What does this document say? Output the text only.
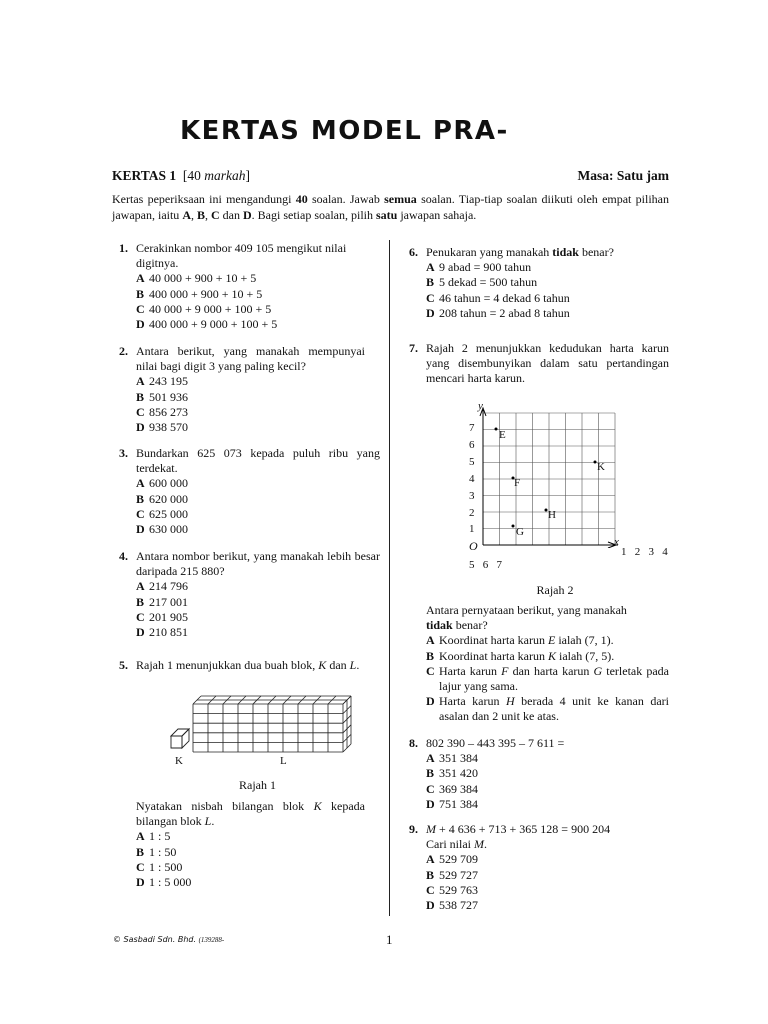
KERTAS MODEL PRA-
KERTAS 1 [40 markah]	Masa: Satu jam
Kertas peperiksaan ini mengandungi 40 soalan. Jawab semua soalan. Tiap-tiap soalan diikuti oleh empat pilihan jawapan, iaitu A, B, C dan D. Bagi setiap soalan, pilih satu jawapan sahaja.
1. Cerakinkan nombor 409 105 mengikut nilai
digitnya.
A 40 000 + 900 + 10 + 5
B 400 000 + 900 + 10 + 5
C 40 000 + 9 000 + 100 + 5
D 400 000 + 9 000 + 100 + 5
2. Antara berikut, yang manakah mempunyai nilai bagi digit 3 yang paling kecil?
A 243 195
B 501 936
C 856 273
D 938 570
3. Bundarkan 625 073 kepada puluh ribu yang terdekat.
A 600 000
B 620 000
C 625 000
D 630 000
4. Antara nombor berikut, yang manakah lebih besar daripada 215 880?
A 214 796
B 217 001
C 201 905
D 210 851
5. Rajah 1 menunjukkan dua buah blok, K dan L.
K	L
Rajah 1
Nyatakan nisbah bilangan blok K kepada bilangan blok L.
A 1 : 5
B 1 : 50
C 1 : 500
D 1 : 5 000
6. Penukaran yang manakah tidak benar?
A 9 abad = 900 tahun
B 5 dekad = 500 tahun
C 46 tahun = 4 dekad 6 tahun
D 208 tahun = 2 abad 8 tahun
7. Rajah 2 menunjukkan kedudukan harta karun yang disembunyikan dalam satu pertandingan mencari harta karun.
y
x
O
7
6
5
4
3
2
1
1   2   3   4
5   6   7
E
F
G
H
K
Rajah 2
Antara pernyataan berikut, yang manakah
tidak benar?
A Koordinat harta karun E ialah (7, 1).
B Koordinat harta karun K ialah (7, 5).
C Harta karun F dan harta karun G terletak pada lajur yang sama.
D Harta karun H berada 4 unit ke kanan dari asalan dan 2 unit ke atas.
8. 802 390 – 443 395 – 7 611 =
A 351 384
B 351 420
C 369 384
D 751 384
9. M + 4 636 + 713 + 365 128 = 900 204
Cari nilai M.
A 529 709
B 529 727
C 529 763
D 538 727
© Sasbadi Sdn. Bhd. (139288-	1
